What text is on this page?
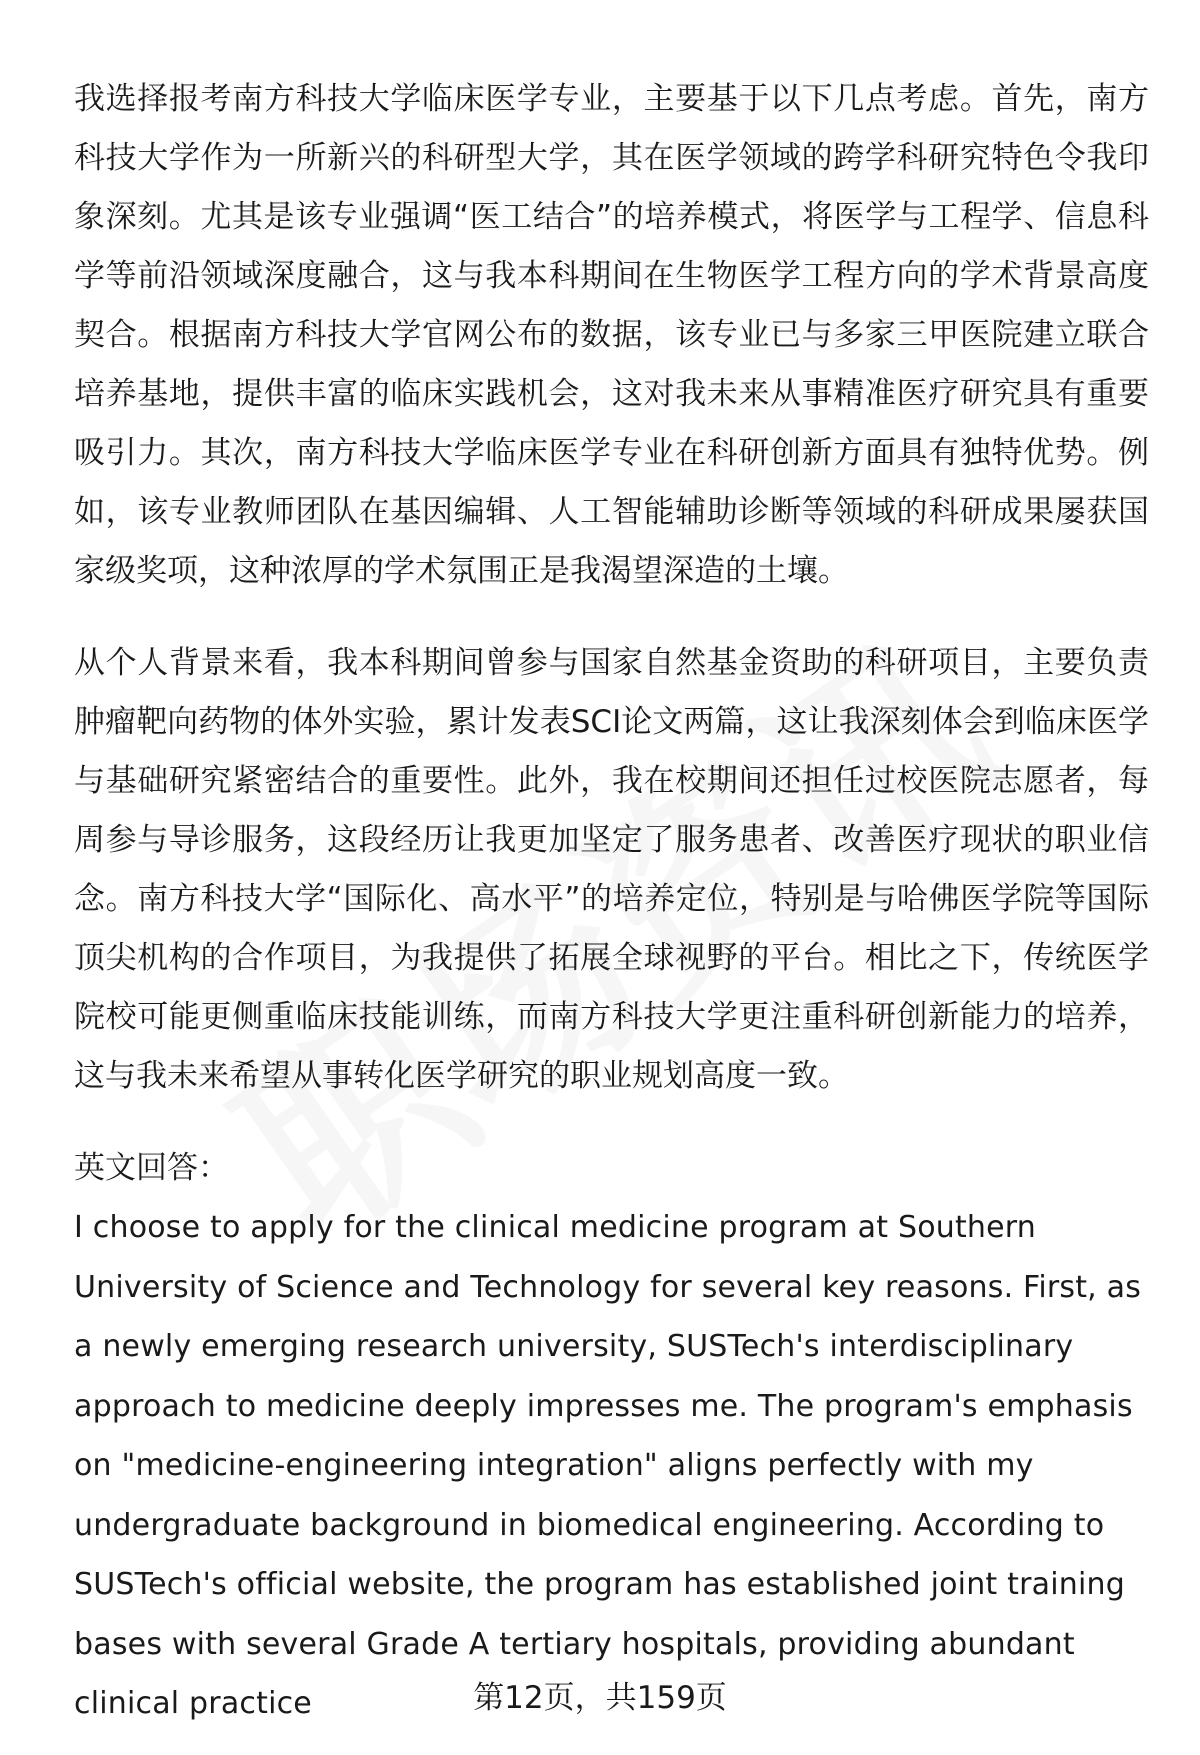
我选择报考南方科技大学临床医学专业，主要基于以下几点考虑。首先，南方科技大学作为一所新兴的科研型大学，其在医学领域的跨学科研究特色令我印象深刻。尤其是该专业强调“医工结合”的培养模式，将医学与工程学、信息科学等前沿领域深度融合，这与我本科期间在生物医学工程方向的学术背景高度契合。根据南方科技大学官网公布的数据，该专业已与多家三甲医院建立联合培养基地，提供丰富的临床实践机会，这对我未来从事精准医疗研究具有重要吸引力。其次，南方科技大学临床医学专业在科研创新方面具有独特优势。例如，该专业教师团队在基因编辑、人工智能辅助诊断等领域的科研成果屡获国家级奖项，这种浓厚的学术氛围正是我渴望深造的土壤。

从个人背景来看，我本科期间曾参与国家自然基金资助的科研项目，主要负责肿瘤靶向药物的体外实验，累计发表SCI论文两篇，这让我深刻体会到临床医学与基础研究紧密结合的重要性。此外，我在校期间还担任过校医院志愿者，每周参与导诊服务，这段经历让我更加坚定了服务患者、改善医疗现状的职业信念。南方科技大学“国际化、高水平”的培养定位，特别是与哈佛医学院等国际顶尖机构的合作项目，为我提供了拓展全球视野的平台。相比之下，传统医学院校可能更侧重临床技能训练，而南方科技大学更注重科研创新能力的培养，这与我未来希望从事转化医学研究的职业规划高度一致。

英文回答：

I choose to apply for the clinical medicine program at Southern University of Science and Technology for several key reasons. First, as a newly emerging research university, SUSTech's interdisciplinary approach to medicine deeply impresses me. The program's emphasis on "medicine-engineering integration" aligns perfectly with my undergraduate background in biomedical engineering. According to SUSTech's official website, the program has established joint training bases with several Grade A tertiary hospitals, providing abundant clinical practice	第12页，共159页
